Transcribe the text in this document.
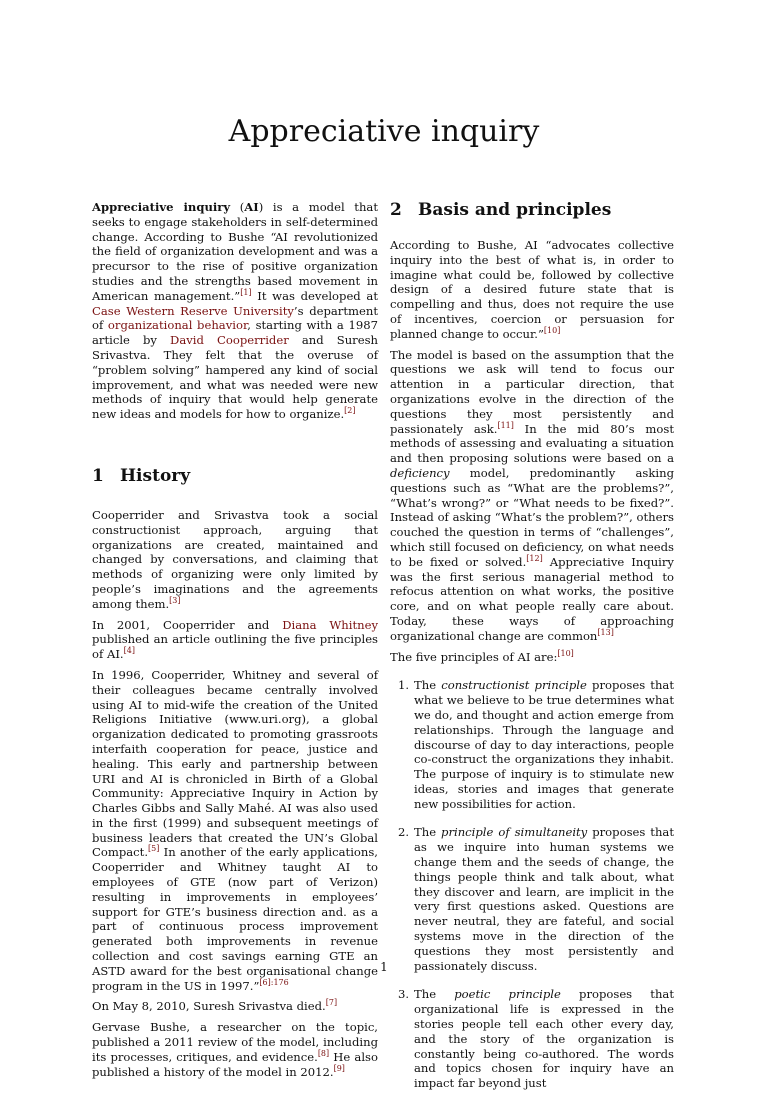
Appreciative inquiry

Appreciative inquiry (AI) is a model that seeks to engage stakeholders in self-determined change. According to Bushe “AI revolutionized the field of organization development and was a precursor to the rise of positive organization studies and the strengths based movement in American management.”[1] It was developed at Case Western Reserve University’s department of organizational behavior, starting with a 1987 article by David Cooperrider and Suresh Srivastva. They felt that the overuse of “problem solving” hampered any kind of social improvement, and what was needed were new methods of inquiry that would help generate new ideas and models for how to organize.[2]

1 History

Cooperrider and Srivastva took a social constructionist approach, arguing that organizations are created, maintained and changed by conversations, and claiming that methods of organizing were only limited by people’s imaginations and the agreements among them.[3]

In 2001, Cooperrider and Diana Whitney published an article outlining the five principles of AI.[4]

In 1996, Cooperrider, Whitney and several of their colleagues became centrally involved using AI to mid-wife the creation of the United Religions Initiative (www.uri.org), a global organization dedicated to promoting grassroots interfaith cooperation for peace, justice and healing. This early and partnership between URI and AI is chronicled in Birth of a Global Community: Appreciative Inquiry in Action by Charles Gibbs and Sally Mahé. AI was also used in the first (1999) and subsequent meetings of business leaders that created the UN’s Global Compact.[5] In another of the early applications, Cooperrider and Whitney taught AI to employees of GTE (now part of Verizon) resulting in improvements in employees’ support for GTE’s business direction and. as a part of continuous process improvement generated both improvements in revenue collection and cost savings earning GTE an ASTD award for the best organisational change program in the US in 1997.”$^{[6]:176}$

On May 8, 2010, Suresh Srivastva died.[7]

Gervase Bushe, a researcher on the topic, published a 2011 review of the model, including its processes, critiques, and evidence.[8] He also published a history of the model in 2012.[9]

2 Basis and principles

According to Bushe, AI “advocates collective inquiry into the best of what is, in order to imagine what could be, followed by collective design of a desired future state that is compelling and thus, does not require the use of incentives, coercion or persuasion for planned change to occur.”[10]

The model is based on the assumption that the questions we ask will tend to focus our attention in a particular direction, that organizations evolve in the direction of the questions they most persistently and passionately ask.[11] In the mid 80’s most methods of assessing and evaluating a situation and then proposing solutions were based on a deficiency model, predominantly asking questions such as “What are the problems?”, “What’s wrong?” or “What needs to be fixed?”. Instead of asking “What’s the problem?”, others couched the question in terms of “challenges”, which still focused on deficiency, on what needs to be fixed or solved.[12] Appreciative Inquiry was the first serious managerial method to refocus attention on what works, the positive core, and on what people really care about. Today, these ways of approaching organizational change are common[13]

The five principles of AI are:[10]

1. The constructionist principle proposes that what we believe to be true determines what we do, and thought and action emerge from relationships. Through the language and discourse of day to day interactions, people co-construct the organizations they inhabit. The purpose of inquiry is to stimulate new ideas, stories and images that generate new possibilities for action.

2. The principle of simultaneity proposes that as we inquire into human systems we change them and the seeds of change, the things people think and talk about, what they discover and learn, are implicit in the very first questions asked. Questions are never neutral, they are fateful, and social systems move in the direction of the questions they most persistently and passionately discuss.

3. The poetic principle proposes that organizational life is expressed in the stories people tell each other every day, and the story of the organization is constantly being co-authored. The words and topics chosen for inquiry have an impact far beyond just

1
